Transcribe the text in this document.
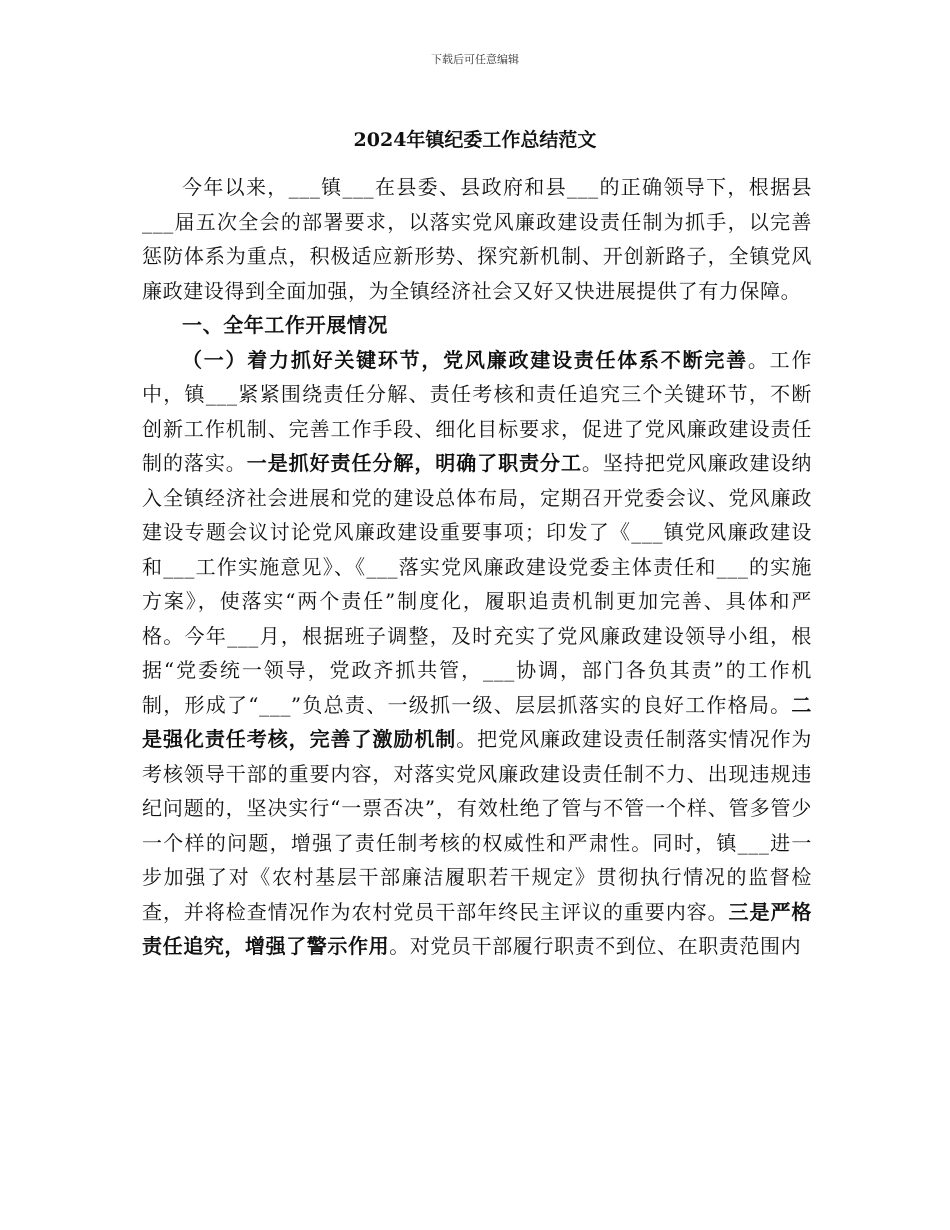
下载后可任意编辑
2024年镇纪委工作总结范文

今年以来，___镇___在县委、县政府和县___的正确领导下，根据县___届五次全会的部署要求，以落实党风廉政建设责任制为抓手，以完善惩防体系为重点，积极适应新形势、探究新机制、开创新路子，全镇党风廉政建设得到全面加强，为全镇经济社会又好又快进展提供了有力保障。

一、全年工作开展情况

（一）着力抓好关键环节，党风廉政建设责任体系不断完善。工作中，镇___紧紧围绕责任分解、责任考核和责任追究三个关键环节，不断创新工作机制、完善工作手段、细化目标要求，促进了党风廉政建设责任制的落实。一是抓好责任分解，明确了职责分工。坚持把党风廉政建设纳入全镇经济社会进展和党的建设总体布局，定期召开党委会议、党风廉政建设专题会议讨论党风廉政建设重要事项；印发了《___镇党风廉政建设和___工作实施意见》、《___落实党风廉政建设党委主体责任和___的实施方案》，使落实“两个责任”制度化，履职追责机制更加完善、具体和严格。今年___月，根据班子调整，及时充实了党风廉政建设领导小组，根据“党委统一领导，党政齐抓共管，___协调，部门各负其责”的工作机制，形成了“___”负总责、一级抓一级、层层抓落实的良好工作格局。二是强化责任考核，完善了激励机制。把党风廉政建设责任制落实情况作为考核领导干部的重要内容，对落实党风廉政建设责任制不力、出现违规违纪问题的，坚决实行“一票否决”，有效杜绝了管与不管一个样、管多管少一个样的问题，增强了责任制考核的权威性和严肃性。同时，镇___进一步加强了对《农村基层干部廉洁履职若干规定》贯彻执行情况的监督检查，并将检查情况作为农村党员干部年终民主评议的重要内容。三是严格责任追究，增强了警示作用。对党员干部履行职责不到位、在职责范围内
